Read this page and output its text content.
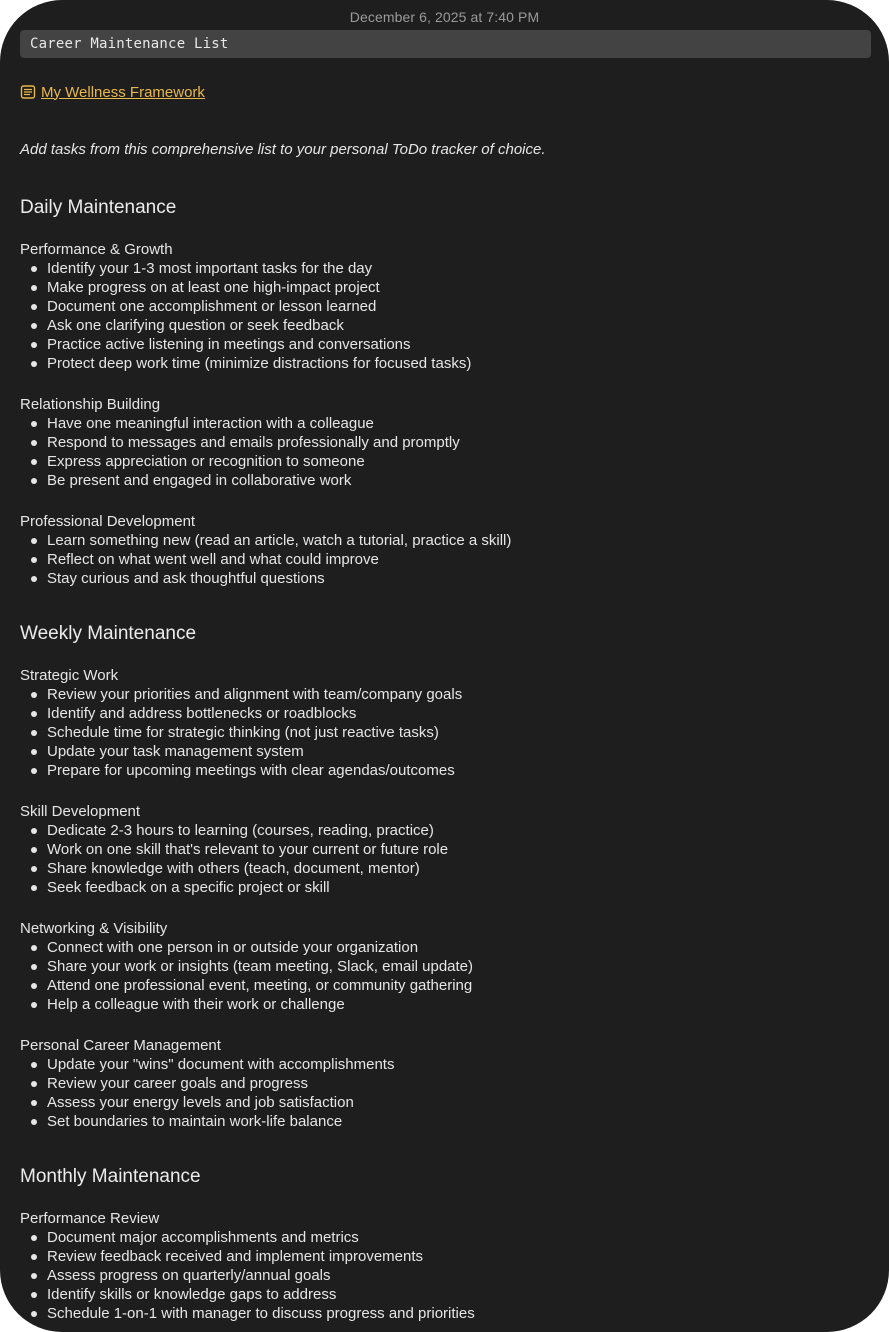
December 6, 2025 at 7:40 PM
Career Maintenance List
My Wellness Framework
Add tasks from this comprehensive list to your personal ToDo tracker of choice.
Daily Maintenance
Performance & Growth
Identify your 1-3 most important tasks for the day
Make progress on at least one high-impact project
Document one accomplishment or lesson learned
Ask one clarifying question or seek feedback
Practice active listening in meetings and conversations
Protect deep work time (minimize distractions for focused tasks)
Relationship Building
Have one meaningful interaction with a colleague
Respond to messages and emails professionally and promptly
Express appreciation or recognition to someone
Be present and engaged in collaborative work
Professional Development
Learn something new (read an article, watch a tutorial, practice a skill)
Reflect on what went well and what could improve
Stay curious and ask thoughtful questions
Weekly Maintenance
Strategic Work
Review your priorities and alignment with team/company goals
Identify and address bottlenecks or roadblocks
Schedule time for strategic thinking (not just reactive tasks)
Update your task management system
Prepare for upcoming meetings with clear agendas/outcomes
Skill Development
Dedicate 2-3 hours to learning (courses, reading, practice)
Work on one skill that's relevant to your current or future role
Share knowledge with others (teach, document, mentor)
Seek feedback on a specific project or skill
Networking & Visibility
Connect with one person in or outside your organization
Share your work or insights (team meeting, Slack, email update)
Attend one professional event, meeting, or community gathering
Help a colleague with their work or challenge
Personal Career Management
Update your "wins" document with accomplishments
Review your career goals and progress
Assess your energy levels and job satisfaction
Set boundaries to maintain work-life balance
Monthly Maintenance
Performance Review
Document major accomplishments and metrics
Review feedback received and implement improvements
Assess progress on quarterly/annual goals
Identify skills or knowledge gaps to address
Schedule 1-on-1 with manager to discuss progress and priorities
